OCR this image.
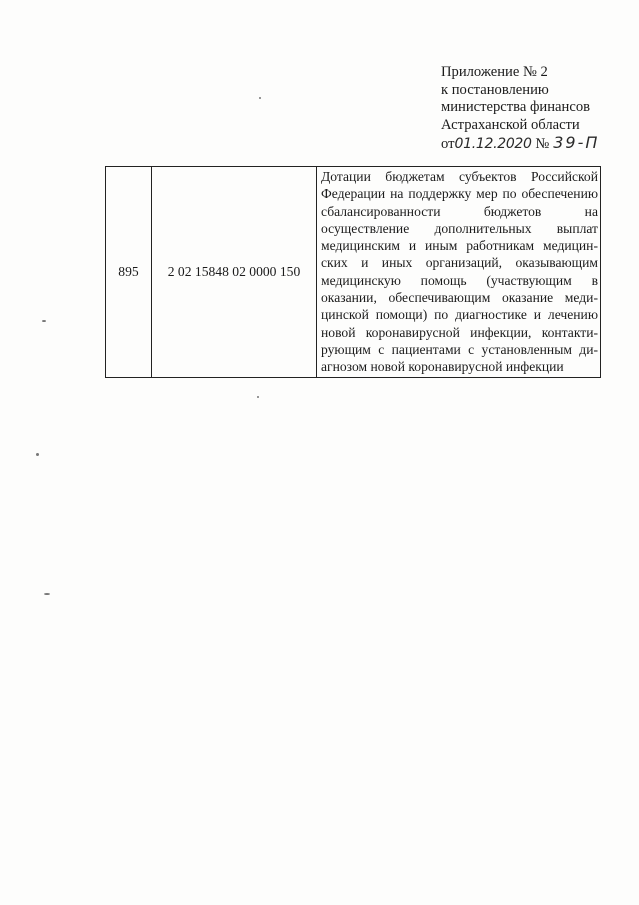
Приложение № 2
к постановлению
министерства финансов
Астраханской области
от01.12.2020 № 39-П
895	2 02 15848 02 0000 150	Дотации бюджетам субъектов Российской Федерации на поддержку мер по обеспечению сбалансированности бюджетов на осуществление дополнительных выплат медицинским и иным работникам медицинских и иных организаций, оказывающим медицинскую помощь (участвующим в оказании, обеспечивающим оказание медицинской помощи) по диагностике и лечению новой коронавирусной инфекции, контактирующим с пациентами с установленным диагнозом новой коронавирусной инфекции
